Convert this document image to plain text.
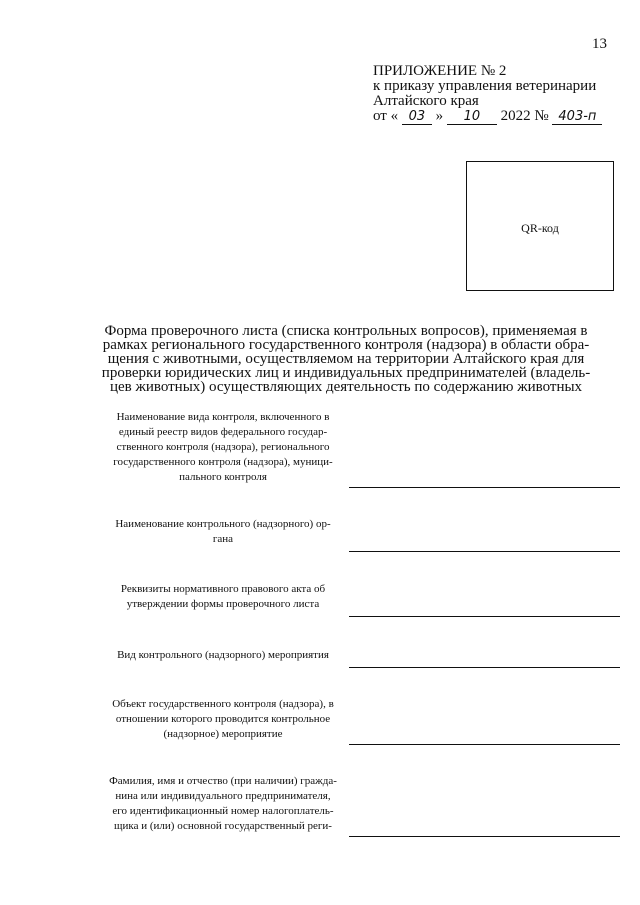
13
ПРИЛОЖЕНИЕ № 2
к приказу управления ветеринарии
Алтайского края
от « 03 » 10 2022 № 403-п
QR-код
Форма проверочного листа (списка контрольных вопросов), применяемая в
рамках регионального государственного контроля (надзора) в области обра-
щения с животными, осуществляемом на территории Алтайского края для
проверки юридических лиц и индивидуальных предпринимателей (владель-
цев животных) осуществляющих деятельность по содержанию животных
Наименование вида контроля, включенного в
единый реестр видов федерального государ-
ственного контроля (надзора), регионального
государственного контроля (надзора), муници-
пального контроля
Наименование контрольного (надзорного) ор-
гана
Реквизиты нормативного правового акта об
утверждении формы проверочного листа
Вид контрольного (надзорного) мероприятия
Объект государственного контроля (надзора), в
отношении которого проводится контрольное
(надзорное) мероприятие
Фамилия, имя и отчество (при наличии) гражда-
нина или индивидуального предпринимателя,
его идентификационный номер налогоплатель-
щика и (или) основной государственный реги-
